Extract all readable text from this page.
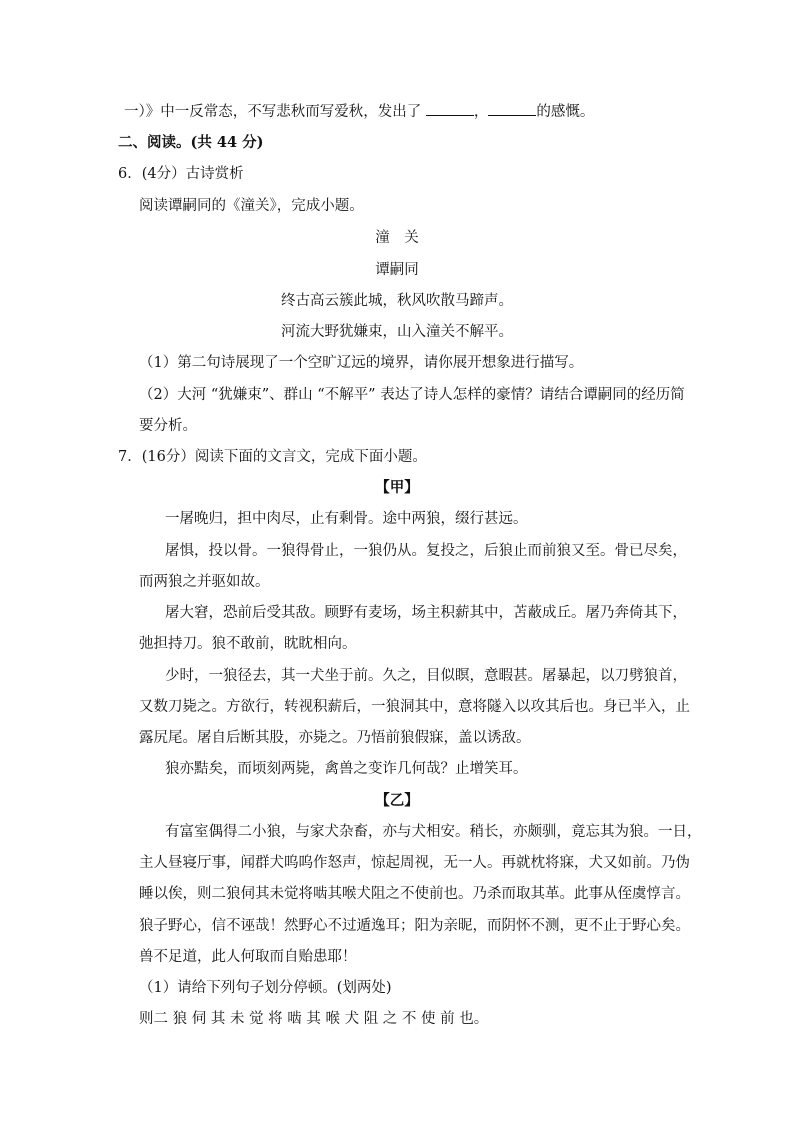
一）》中一反常态，不写悲秋而写爱秋，发出了	，	的感慨。
二、阅读。(共 44 分)
6．(4分）古诗赏析
阅读谭嗣同的《潼关》，完成小题。
潼　关
谭嗣同
终古高云簇此城，秋风吹散马蹄声。
河流大野犹嫌束，山入潼关不解平。
（1）第二句诗展现了一个空旷辽远的境界，请你展开想象进行描写。
（2）大河 “犹嫌束”、群山 “不解平” 表达了诗人怎样的豪情？请结合谭嗣同的经历简
要分析。
7．(16分）阅读下面的文言文，完成下面小题。
【甲】
一屠晚归，担中肉尽，止有剩骨。途中两狼，缀行甚远。
屠惧，投以骨。一狼得骨止，一狼仍从。复投之，后狼止而前狼又至。骨已尽矣，
而两狼之并驱如故。
屠大窘，恐前后受其敌。顾野有麦场，场主积薪其中，苫蔽成丘。屠乃奔倚其下，
弛担持刀。狼不敢前，眈眈相向。
少时，一狼径去，其一犬坐于前。久之，目似瞑，意暇甚。屠暴起，以刀劈狼首，
又数刀毙之。方欲行，转视积薪后，一狼洞其中，意将隧入以攻其后也。身已半入，止
露尻尾。屠自后断其股，亦毙之。乃悟前狼假寐，盖以诱敌。
狼亦黠矣，而顷刻两毙，禽兽之变诈几何哉？止增笑耳。
【乙】
有富室偶得二小狼，与家犬杂畜，亦与犬相安。稍长，亦颇驯，竟忘其为狼。一日，
主人昼寝厅事，闻群犬呜呜作怒声，惊起周视，无一人。再就枕将寐，犬又如前。乃伪
睡以俟，则二狼伺其未觉将啮其喉犬阻之不使前也。乃杀而取其革。此事从侄虞惇言。
狼子野心，信不诬哉！然野心不过遁逸耳；阳为亲昵，而阴怀不测，更不止于野心矣。
兽不足道，此人何取而自贻患耶！
（1）请给下列句子划分停顿。(划两处)
则二 狼 伺 其 未 觉 将 啮 其 喉 犬 阻 之 不 使 前 也。
